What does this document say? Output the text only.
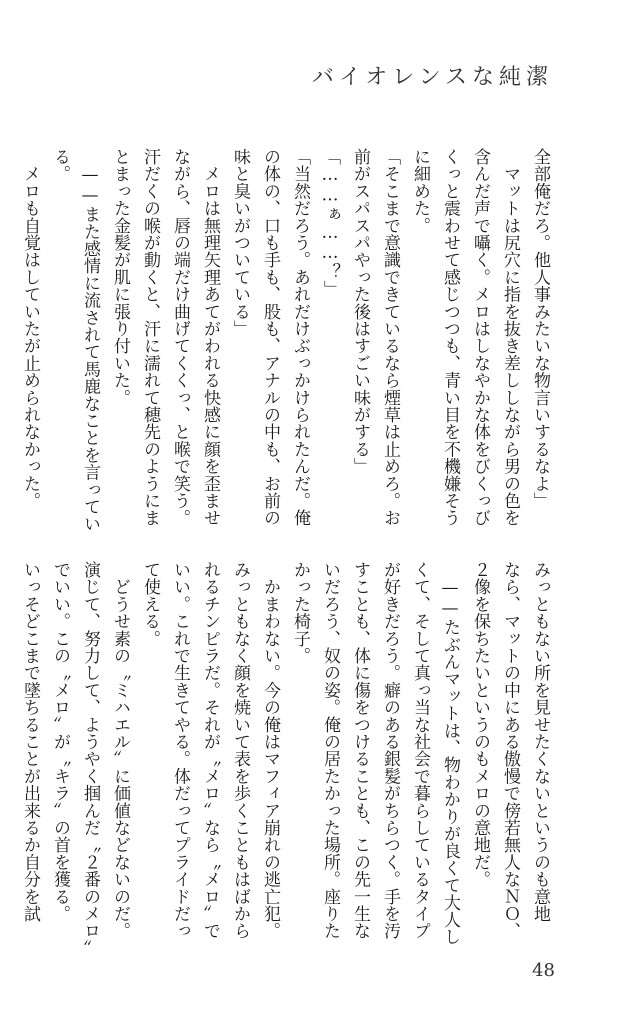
バイオレンスな純潔
全部俺だろ。他人事みたいな物言いするなよ」
　マットは尻穴に指を抜き差ししながら男の色を
含んだ声で囁く。メロはしなやかな体をびくっび
くっと震わせて感じつつも、青い目を不機嫌そう
に細めた。
「そこまで意識できているなら煙草は止めろ。お
前がスパスパやった後はすごい味がする」
「……ぁ……？」
「当然だろう。あれだけぶっかけられたんだ。俺
の体の、口も手も、股も、アナルの中も、お前の
味と臭いがついている」
　メロは無理矢理あてがわれる快感に顔を歪ませ
ながら、唇の端だけ曲げてくくっ、と喉で笑う。
汗だくの喉が動くと、汗に濡れて穂先のようにま
とまった金髪が肌に張り付いた。
　——また感情に流されて馬鹿なことを言ってい
る。
　メロも自覚はしていたが止められなかった。
みっともない所を見せたくないというのも意地
なら、マットの中にある傲慢で傍若無人なＮＯ、
２像を保ちたいというのもメロの意地だ。
　——たぶんマットは、物わかりが良くて大人し
くて、そして真っ当な社会で暮らしているタイプ
が好きだろう。癖のある銀髪がちらつく。手を汚
すことも、体に傷をつけることも、この先一生な
いだろう、奴の姿。俺の居たかった場所。座りた
かった椅子。
　かまわない。今の俺はマフィア崩れの逃亡犯。
みっともなく顔を焼いて表を歩くこともはばから
れるチンピラだ。それが〝メロ〟なら〝メロ〟で
いい。これで生きてやる。体だってプライドだっ
て使える。
　どうせ素の〝ミハエル〟に価値などないのだ。
演じて、努力して、ようやく掴んだ〝２番のメロ〟
でいい。この〝メロ〟が〝キラ〟の首を獲る。
いっそどこまで墜ちることが出来るか自分を試
48
